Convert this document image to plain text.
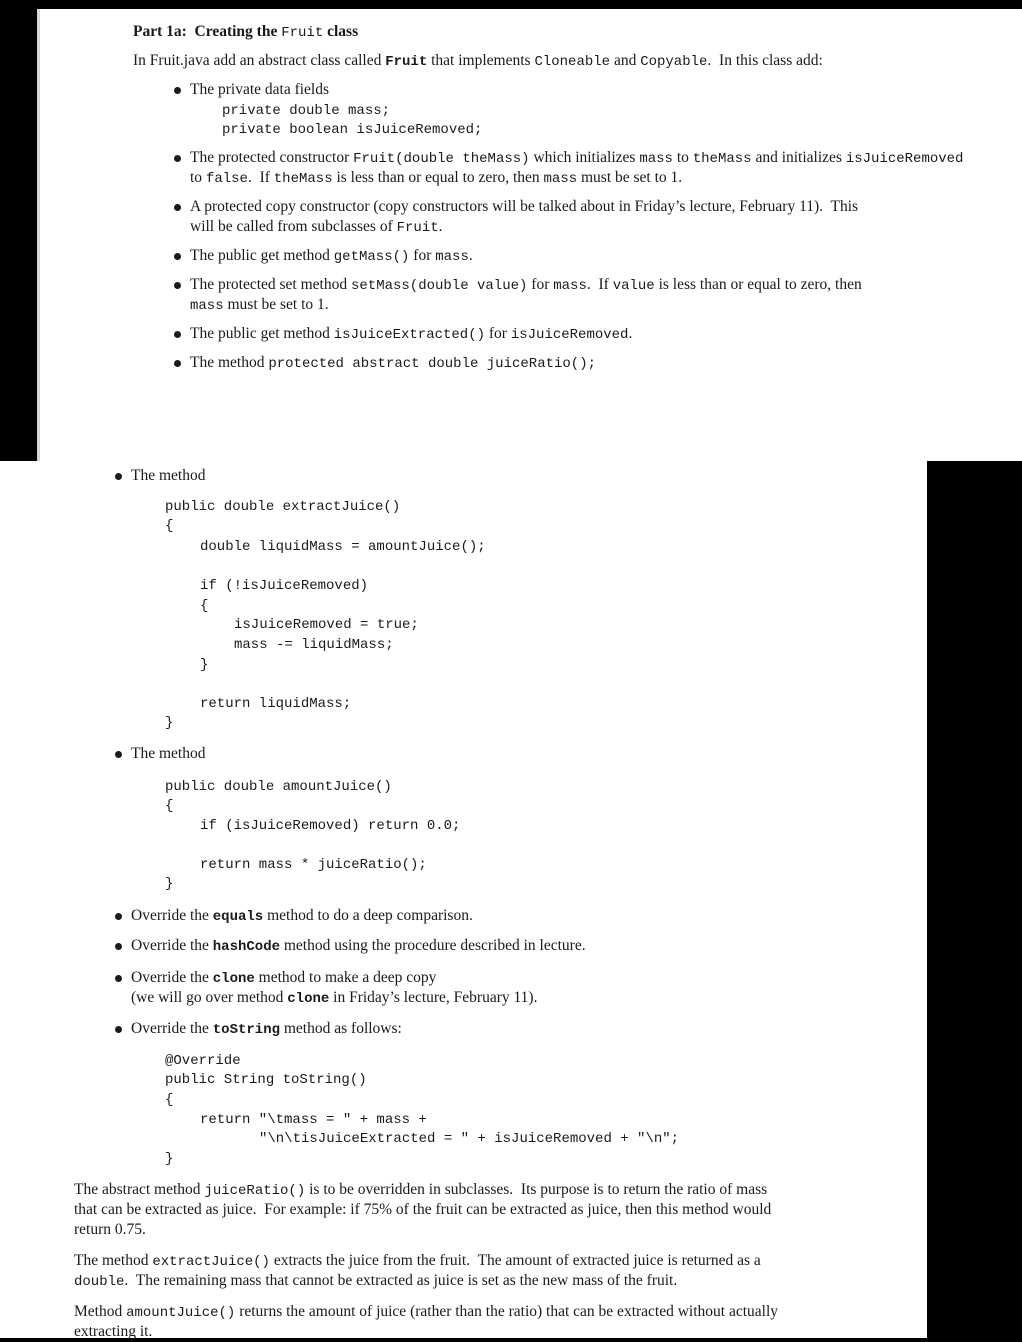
Part 1a:  Creating the Fruit class
In Fruit.java add an abstract class called Fruit that implements Cloneable and Copyable.  In this class add:
The private data fields
private double mass;
private boolean isJuiceRemoved;
The protected constructor Fruit(double theMass) which initializes mass to theMass and initializes isJuiceRemoved
to false.  If theMass is less than or equal to zero, then mass must be set to 1.
A protected copy constructor (copy constructors will be talked about in Friday’s lecture, February 11).  This
will be called from subclasses of Fruit.
The public get method getMass() for mass.
The protected set method setMass(double value) for mass.  If value is less than or equal to zero, then
mass must be set to 1.
The public get method isJuiceExtracted() for isJuiceRemoved.
The method protected abstract double juiceRatio();
The method
public double extractJuice()
{
double liquidMass = amountJuice();
if (!isJuiceRemoved)
{
isJuiceRemoved = true;
mass -= liquidMass;
}
return liquidMass;
}
The method
public double amountJuice()
{
if (isJuiceRemoved) return 0.0;
return mass * juiceRatio();
}
Override the equals method to do a deep comparison.
Override the hashCode method using the procedure described in lecture.
Override the clone method to make a deep copy
(we will go over method clone in Friday’s lecture, February 11).
Override the toString method as follows:
@Override
public String toString()
{
return "\tmass = " + mass +
"\n\tisJuiceExtracted = " + isJuiceRemoved + "\n";
}
The abstract method juiceRatio() is to be overridden in subclasses.  Its purpose is to return the ratio of mass
that can be extracted as juice.  For example: if 75% of the fruit can be extracted as juice, then this method would
return 0.75.
The method extractJuice() extracts the juice from the fruit.  The amount of extracted juice is returned as a
double.  The remaining mass that cannot be extracted as juice is set as the new mass of the fruit.
Method amountJuice() returns the amount of juice (rather than the ratio) that can be extracted without actually
extracting it.
